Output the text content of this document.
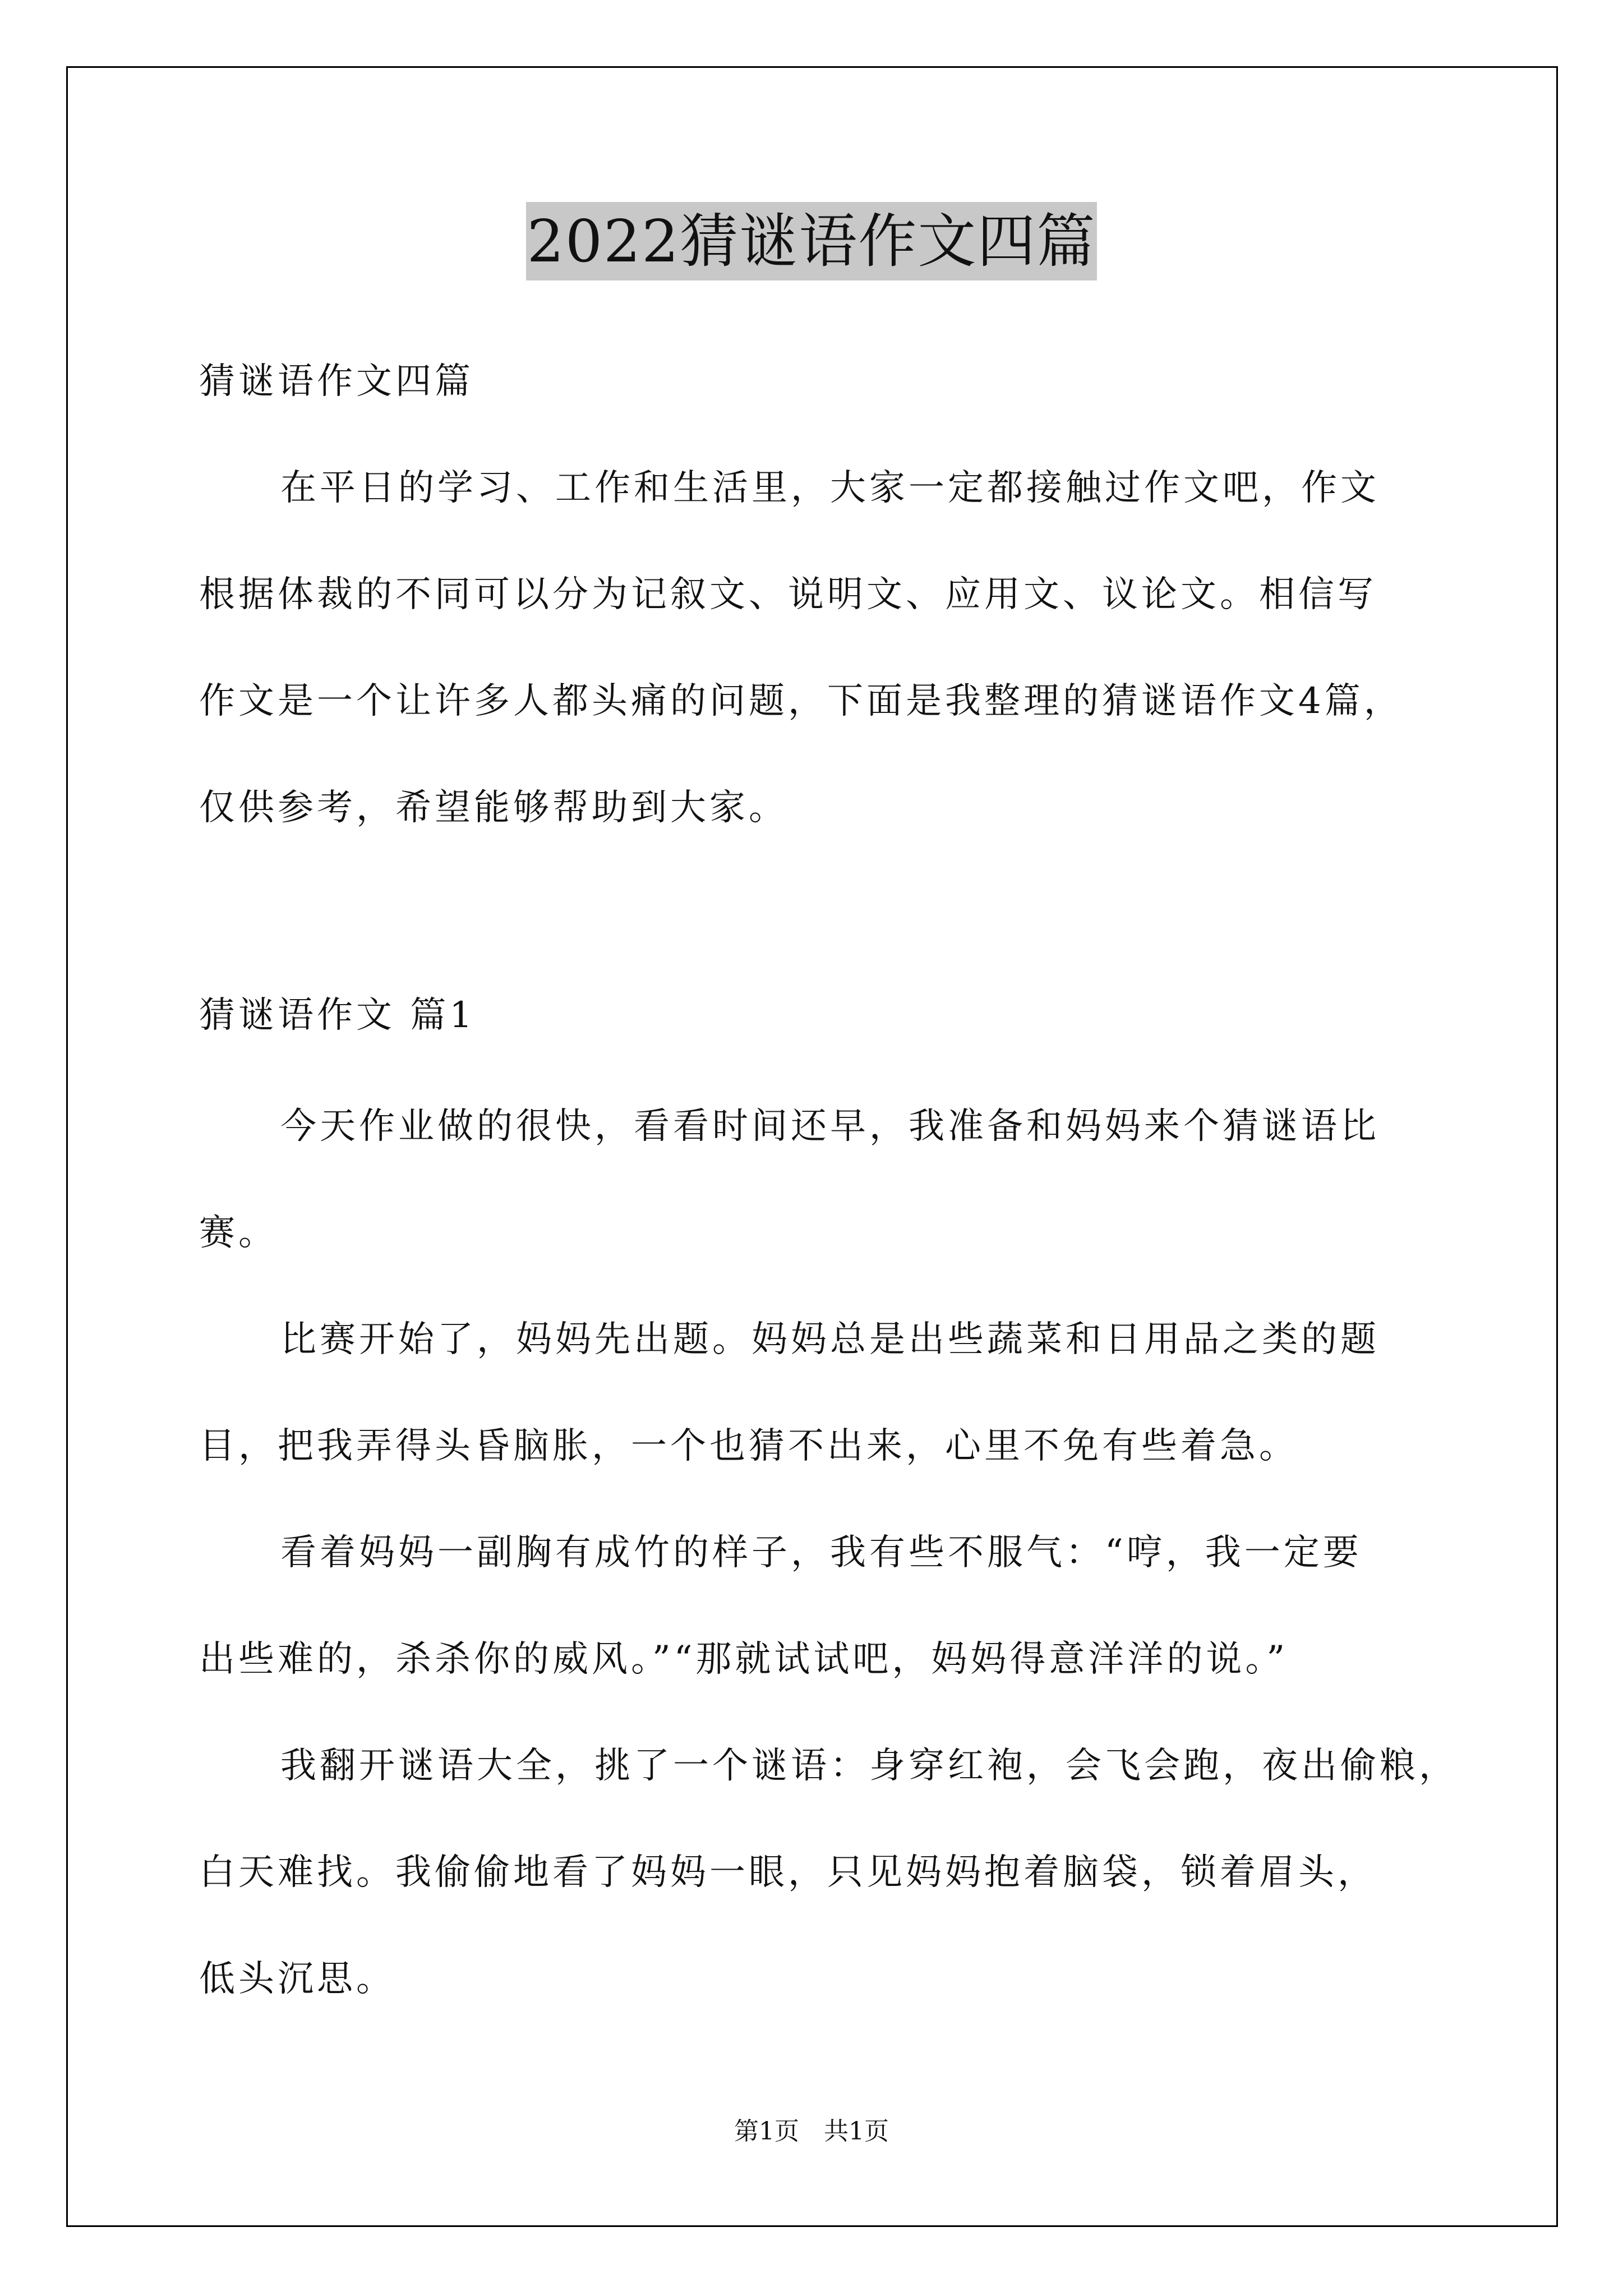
2022猜谜语作文四篇
猜谜语作文四篇
在平日的学习、工作和生活里，大家一定都接触过作文吧，作文
根据体裁的不同可以分为记叙文、说明文、应用文、议论文。相信写
作文是一个让许多人都头痛的问题，下面是我整理的猜谜语作文4篇，
仅供参考，希望能够帮助到大家。
猜谜语作文 篇1
今天作业做的很快，看看时间还早，我准备和妈妈来个猜谜语比
赛。
比赛开始了，妈妈先出题。妈妈总是出些蔬菜和日用品之类的题
目，把我弄得头昏脑胀，一个也猜不出来，心里不免有些着急。
看着妈妈一副胸有成竹的样子，我有些不服气：“哼，我一定要
出些难的，杀杀你的威风。”“那就试试吧，妈妈得意洋洋的说。”
我翻开谜语大全，挑了一个谜语：身穿红袍，会飞会跑，夜出偷粮，
白天难找。我偷偷地看了妈妈一眼，只见妈妈抱着脑袋，锁着眉头，
低头沉思。
第1页　共1页
